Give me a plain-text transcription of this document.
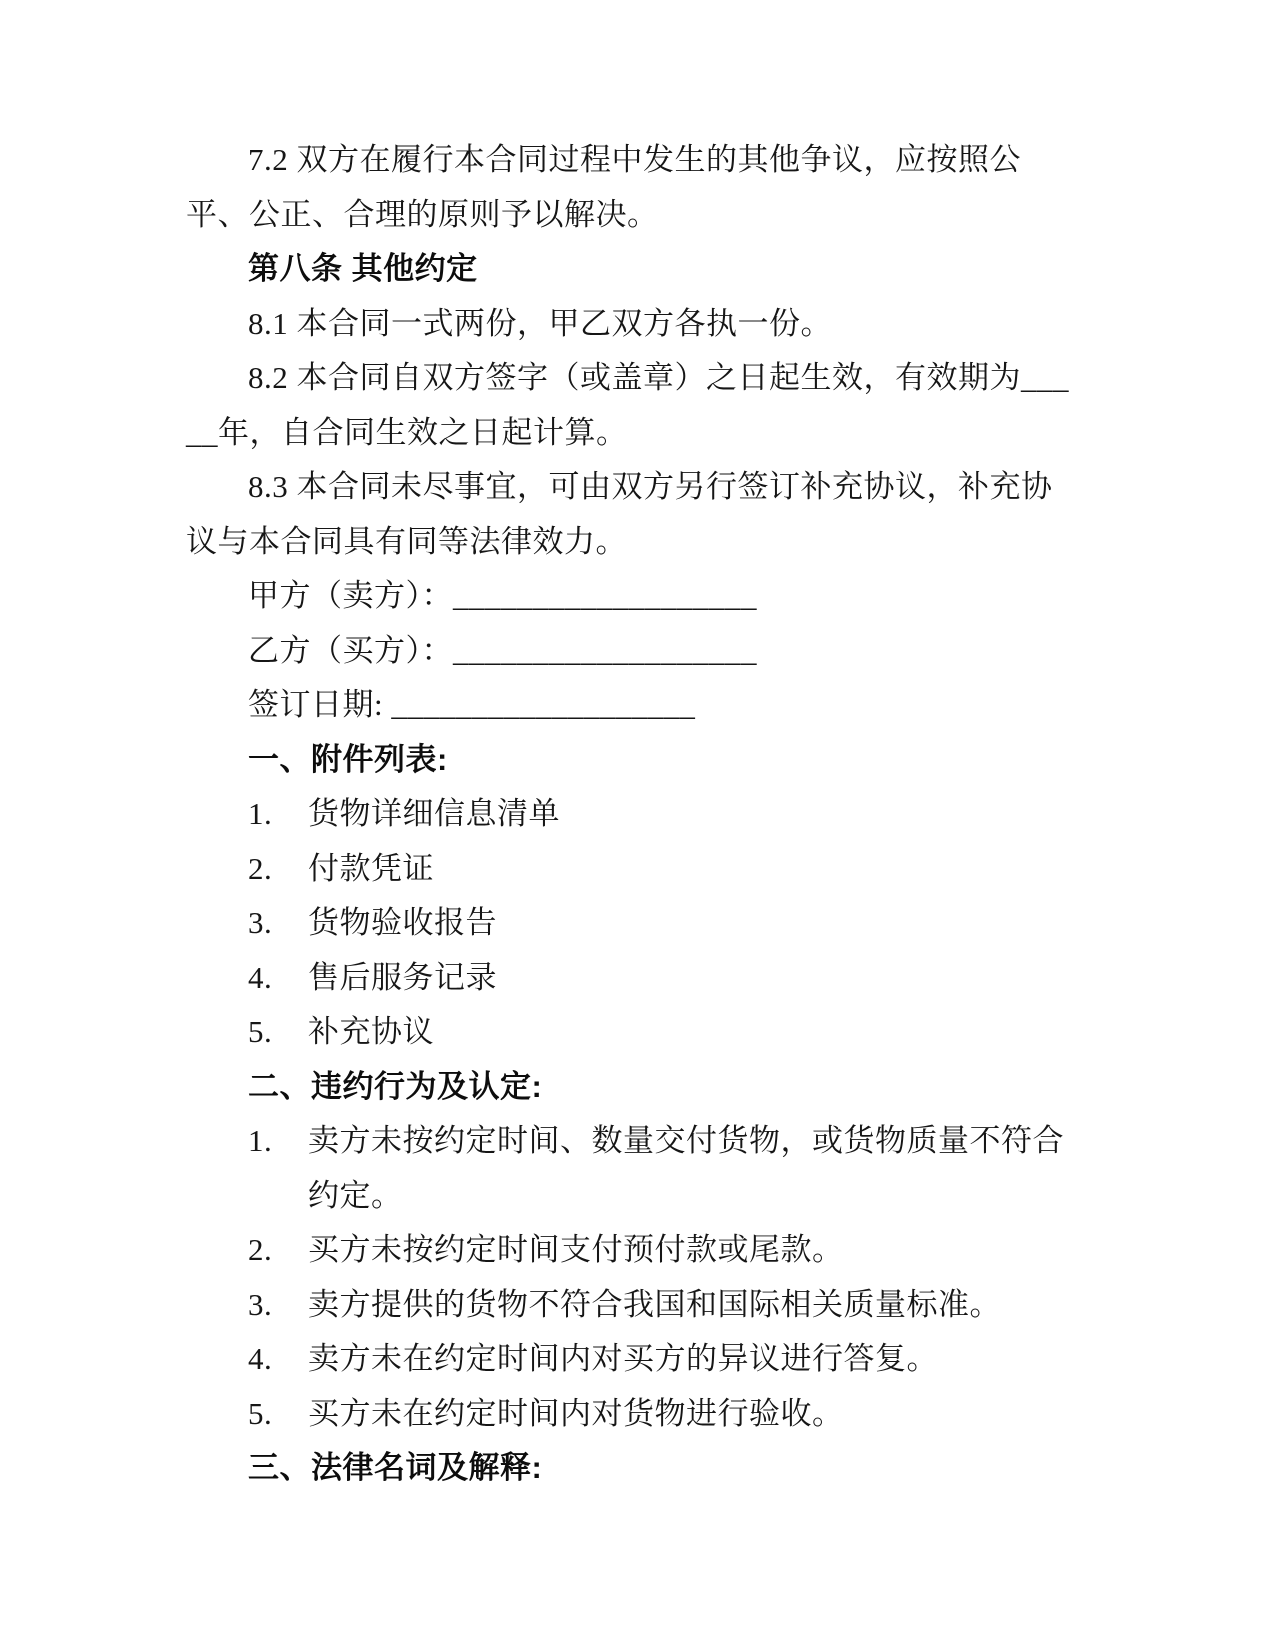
7.2 双方在履行本合同过程中发生的其他争议，应按照公平、公正、合理的原则予以解决。

第八条 其他约定

8.1 本合同一式两份，甲乙双方各执一份。

8.2 本合同自双方签字（或盖章）之日起生效，有效期为_____年，自合同生效之日起计算。

8.3 本合同未尽事宜，可由双方另行签订补充协议，补充协议与本合同具有同等法律效力。

甲方（卖方）：___________________

乙方（买方）：___________________

签订日期: ___________________

一、附件列表:

1.	货物详细信息清单

2.	付款凭证

3.	货物验收报告

4.	售后服务记录

5.	补充协议

二、违约行为及认定:

1.	卖方未按约定时间、数量交付货物，或货物质量不符合约定。

2.	买方未按约定时间支付预付款或尾款。

3.	卖方提供的货物不符合我国和国际相关质量标准。

4.	卖方未在约定时间内对买方的异议进行答复。

5.	买方未在约定时间内对货物进行验收。

三、法律名词及解释:
